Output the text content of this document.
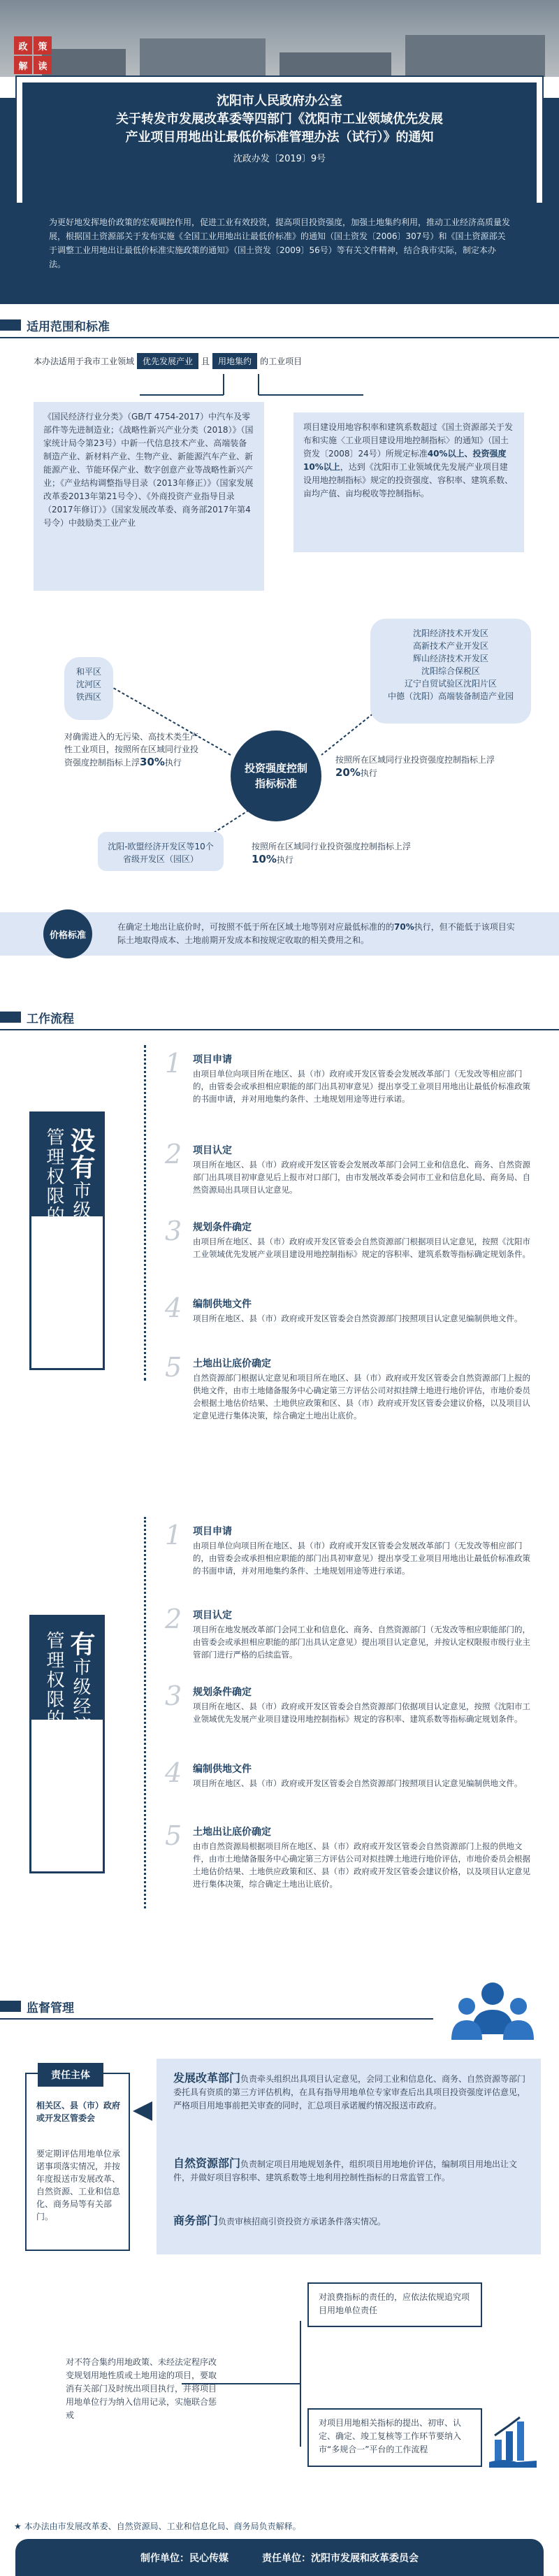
政	策
解	读
沈阳市人民政府办公室
关于转发市发展改革委等四部门《沈阳市工业领域优先发展
产业项目用地出让最低价标准管理办法（试行）》的通知
沈政办发〔2019〕9号
为更好地发挥地价政策的宏观调控作用，促进工业有效投资，提高项目投资强度，加强土地集约利用，推动工业经济高质量发展，根据国土资源部关于发布实施《全国工业用地出让最低价标准》的通知（国土资发〔2006〕307号）和《国土资源部关于调整工业用地出让最低价标准实施政策的通知》（国土资发〔2009〕56号）等有关文件精神，结合我市实际，制定本办法。
适用范围和标准
本办法适用于我市工业领域	优先发展产业	且	用地集约	的工业项目
《国民经济行业分类》（GB/T 4754-2017）中汽车及零部件等先进制造业；《战略性新兴产业分类（2018）》（国家统计局令第23号）中新一代信息技术产业、高端装备制造产业、新材料产业、生物产业、新能源汽车产业、新能源产业、节能环保产业、数字创意产业等战略性新兴产业；《产业结构调整指导目录（2013年修正）》（国家发展改革委2013年第21号令）、《外商投资产业指导目录（2017年修订）》（国家发展改革委、商务部2017年第4号令）中鼓励类工业产业
项目建设用地容积率和建筑系数超过《国土资源部关于发布和实施〈工业项目建设用地控制指标〉的通知》（国土资发〔2008〕24号）所规定标准40%以上、投资强度10%以上，达到《沈阳市工业领域优先发展产业项目建设用地控制指标》规定的投资强度、容积率、建筑系数、亩均产值、亩均税收等控制指标。
和平区
沈河区
铁西区
对确需进入的无污染、高技术类生产性工业项目，按照所在区域同行业投资强度控制指标上浮30%执行
沈阳经济技术开发区
高新技术产业开发区
辉山经济技术开发区
沈阳综合保税区
辽宁自贸试验区沈阳片区
中德（沈阳）高端装备制造产业园
按照所在区域同行业投资强度控制指标上浮20%执行
投资强度控制指标标准
沈阳-欧盟经济开发区等10个省级开发区（园区）
按照所在区域同行业投资强度控制指标上浮10%执行
价格标准
在确定土地出让底价时，可按照不低于所在区域土地等别对应最低标准的的70%执行，但不能低于该项目实际土地取得成本、土地前期开发成本和按规定收取的相关费用之和。
工作流程
管理权限的地区 没有
市级经济
1 项目申请
由项目单位向项目所在地区、县（市）政府或开发区管委会发展改革部门（无发改等相应部门的，由管委会或承担相应职能的部门出具初审意见）提出享受工业项目用地出让最低价标准政策的书面申请，并对用地集约条件、土地规划用途等进行承诺。
2 项目认定
项目所在地区、县（市）政府或开发区管委会发展改革部门会同工业和信息化、商务、自然资源部门出具项目初审意见后上报市对口部门，由市发展改革委会同市工业和信息化局、商务局、自然资源局出具项目认定意见。
3 规划条件确定
由项目所在地区、县（市）政府或开发区管委会自然资源部门根据项目认定意见，按照《沈阳市工业领域优先发展产业项目建设用地控制指标》规定的容积率、建筑系数等指标确定规划条件。
4 编制供地文件
项目所在地区、县（市）政府或开发区管委会自然资源部门按照项目认定意见编制供地文件。
5 土地出让底价确定
自然资源部门根据认定意见和项目所在地区、县（市）政府或开发区管委会自然资源部门上报的供地文件，由市土地储备服务中心确定第三方评估公司对拟挂牌土地进行地价评估，市地价委员会根据土地估价结果、土地供应政策和区、县（市）政府或开发区管委会建议价格，以及项目认定意见进行集体决策，综合确定土地出让底价。
管理权限的地区 有
市级经济
1 项目申请
由项目单位向项目所在地区、县（市）政府或开发区管委会发展改革部门（无发改等相应部门的，由管委会或承担相应职能的部门出具初审意见）提出享受工业项目用地出让最低价标准政策的书面申请，并对用地集约条件、土地规划用途等进行承诺。
2 项目认定
项目所在地发展改革部门会同工业和信息化、商务、自然资源部门（无发改等相应职能部门的，由管委会或承担相应职能的部门出具认定意见）提出项目认定意见，并按认定权限报市级行业主管部门进行严格的后续监管。
3 规划条件确定
项目所在地区、县（市）政府或开发区管委会自然资源部门依据项目认定意见，按照《沈阳市工业领域优先发展产业项目建设用地控制指标》规定的容积率、建筑系数等指标确定规划条件。
4 编制供地文件
项目所在地区、县（市）政府或开发区管委会自然资源部门按照项目认定意见编制供地文件。
5 土地出让底价确定
由市自然资源局根据项目所在地区、县（市）政府或开发区管委会自然资源部门上报的供地文件，由市土地储备服务中心确定第三方评估公司对拟挂牌土地进行地价评估，市地价委员会根据土地估价结果、土地供应政策和区、县（市）政府或开发区管委会建议价格，以及项目认定意见进行集体决策，综合确定土地出让底价。
监督管理
责任主体
相关区、县（市）政府或开发区管委会
要定期评估用地单位承诺事项落实情况，并按年度报送市发展改革、自然资源、工业和信息化、商务局等有关部门。
发展改革部门负责牵头组织出具项目认定意见，会同工业和信息化、商务、自然资源等部门委托具有资质的第三方评估机构，在具有指导用地单位专家审查后出具项目投资强度评估意见，严格项目用地事前把关审查的同时，汇总项目承诺履约情况报送市政府。
自然资源部门负责制定项目用地规划条件，组织项目用地地价评估，编制项目用地出让文件，并做好项目容积率、建筑系数等土地利用控制性指标的日常监管工作。
商务部门负责审核招商引资投资方承诺条件落实情况。
对浪费指标的责任的，应依法依规追究项目用地单位责任
对项目用地相关指标的提出、初审、认定、确定、竣工复核等工作环节要纳入市“多规合一”平台的工作流程
对不符合集约用地政策、未经法定程序改变规划用地性质或土地用途的项目，要取消有关部门及时统出项目执行，并将项目用地单位行为纳入信用记录，实施联合惩戒
★ 本办法由市发展改革委、自然资源局、工业和信息化局、商务局负责解释。
制作单位：民心传媒	责任单位：沈阳市发展和改革委员会
